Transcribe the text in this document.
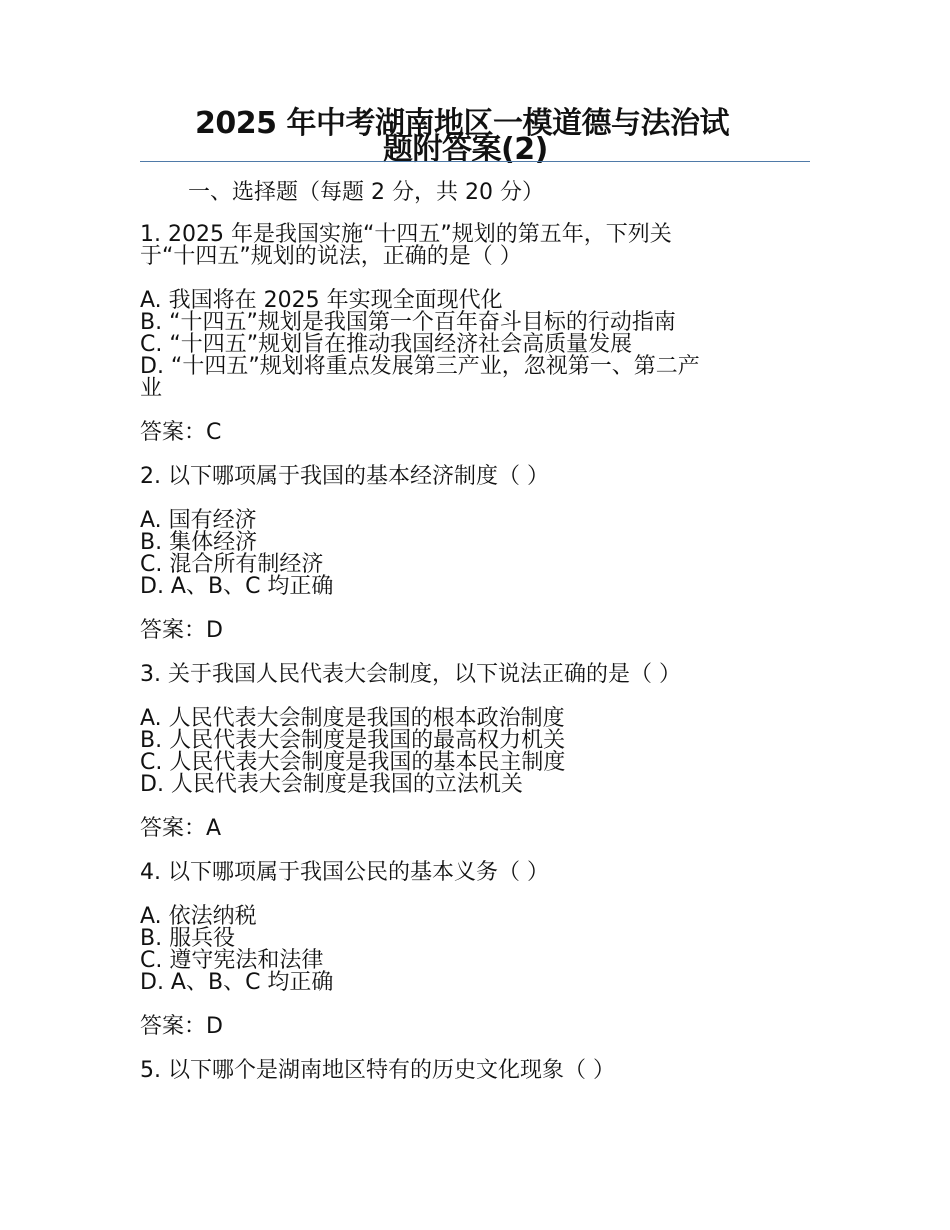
2025 年中考湖南地区一模道德与法治试
题附答案(2)
一、选择题（每题 2 分，共 20 分）
1. 2025 年是我国实施“十四五”规划的第五年，下列关
于“十四五”规划的说法，正确的是（ ）
A. 我国将在 2025 年实现全面现代化
B. “十四五”规划是我国第一个百年奋斗目标的行动指南
C. “十四五”规划旨在推动我国经济社会高质量发展
D. “十四五”规划将重点发展第三产业，忽视第一、第二产
业
答案：C
2. 以下哪项属于我国的基本经济制度（ ）
A. 国有经济
B. 集体经济
C. 混合所有制经济
D. A、B、C 均正确
答案：D
3. 关于我国人民代表大会制度，以下说法正确的是（ ）
A. 人民代表大会制度是我国的根本政治制度
B. 人民代表大会制度是我国的最高权力机关
C. 人民代表大会制度是我国的基本民主制度
D. 人民代表大会制度是我国的立法机关
答案：A
4. 以下哪项属于我国公民的基本义务（ ）
A. 依法纳税
B. 服兵役
C. 遵守宪法和法律
D. A、B、C 均正确
答案：D
5. 以下哪个是湖南地区特有的历史文化现象（ ）
